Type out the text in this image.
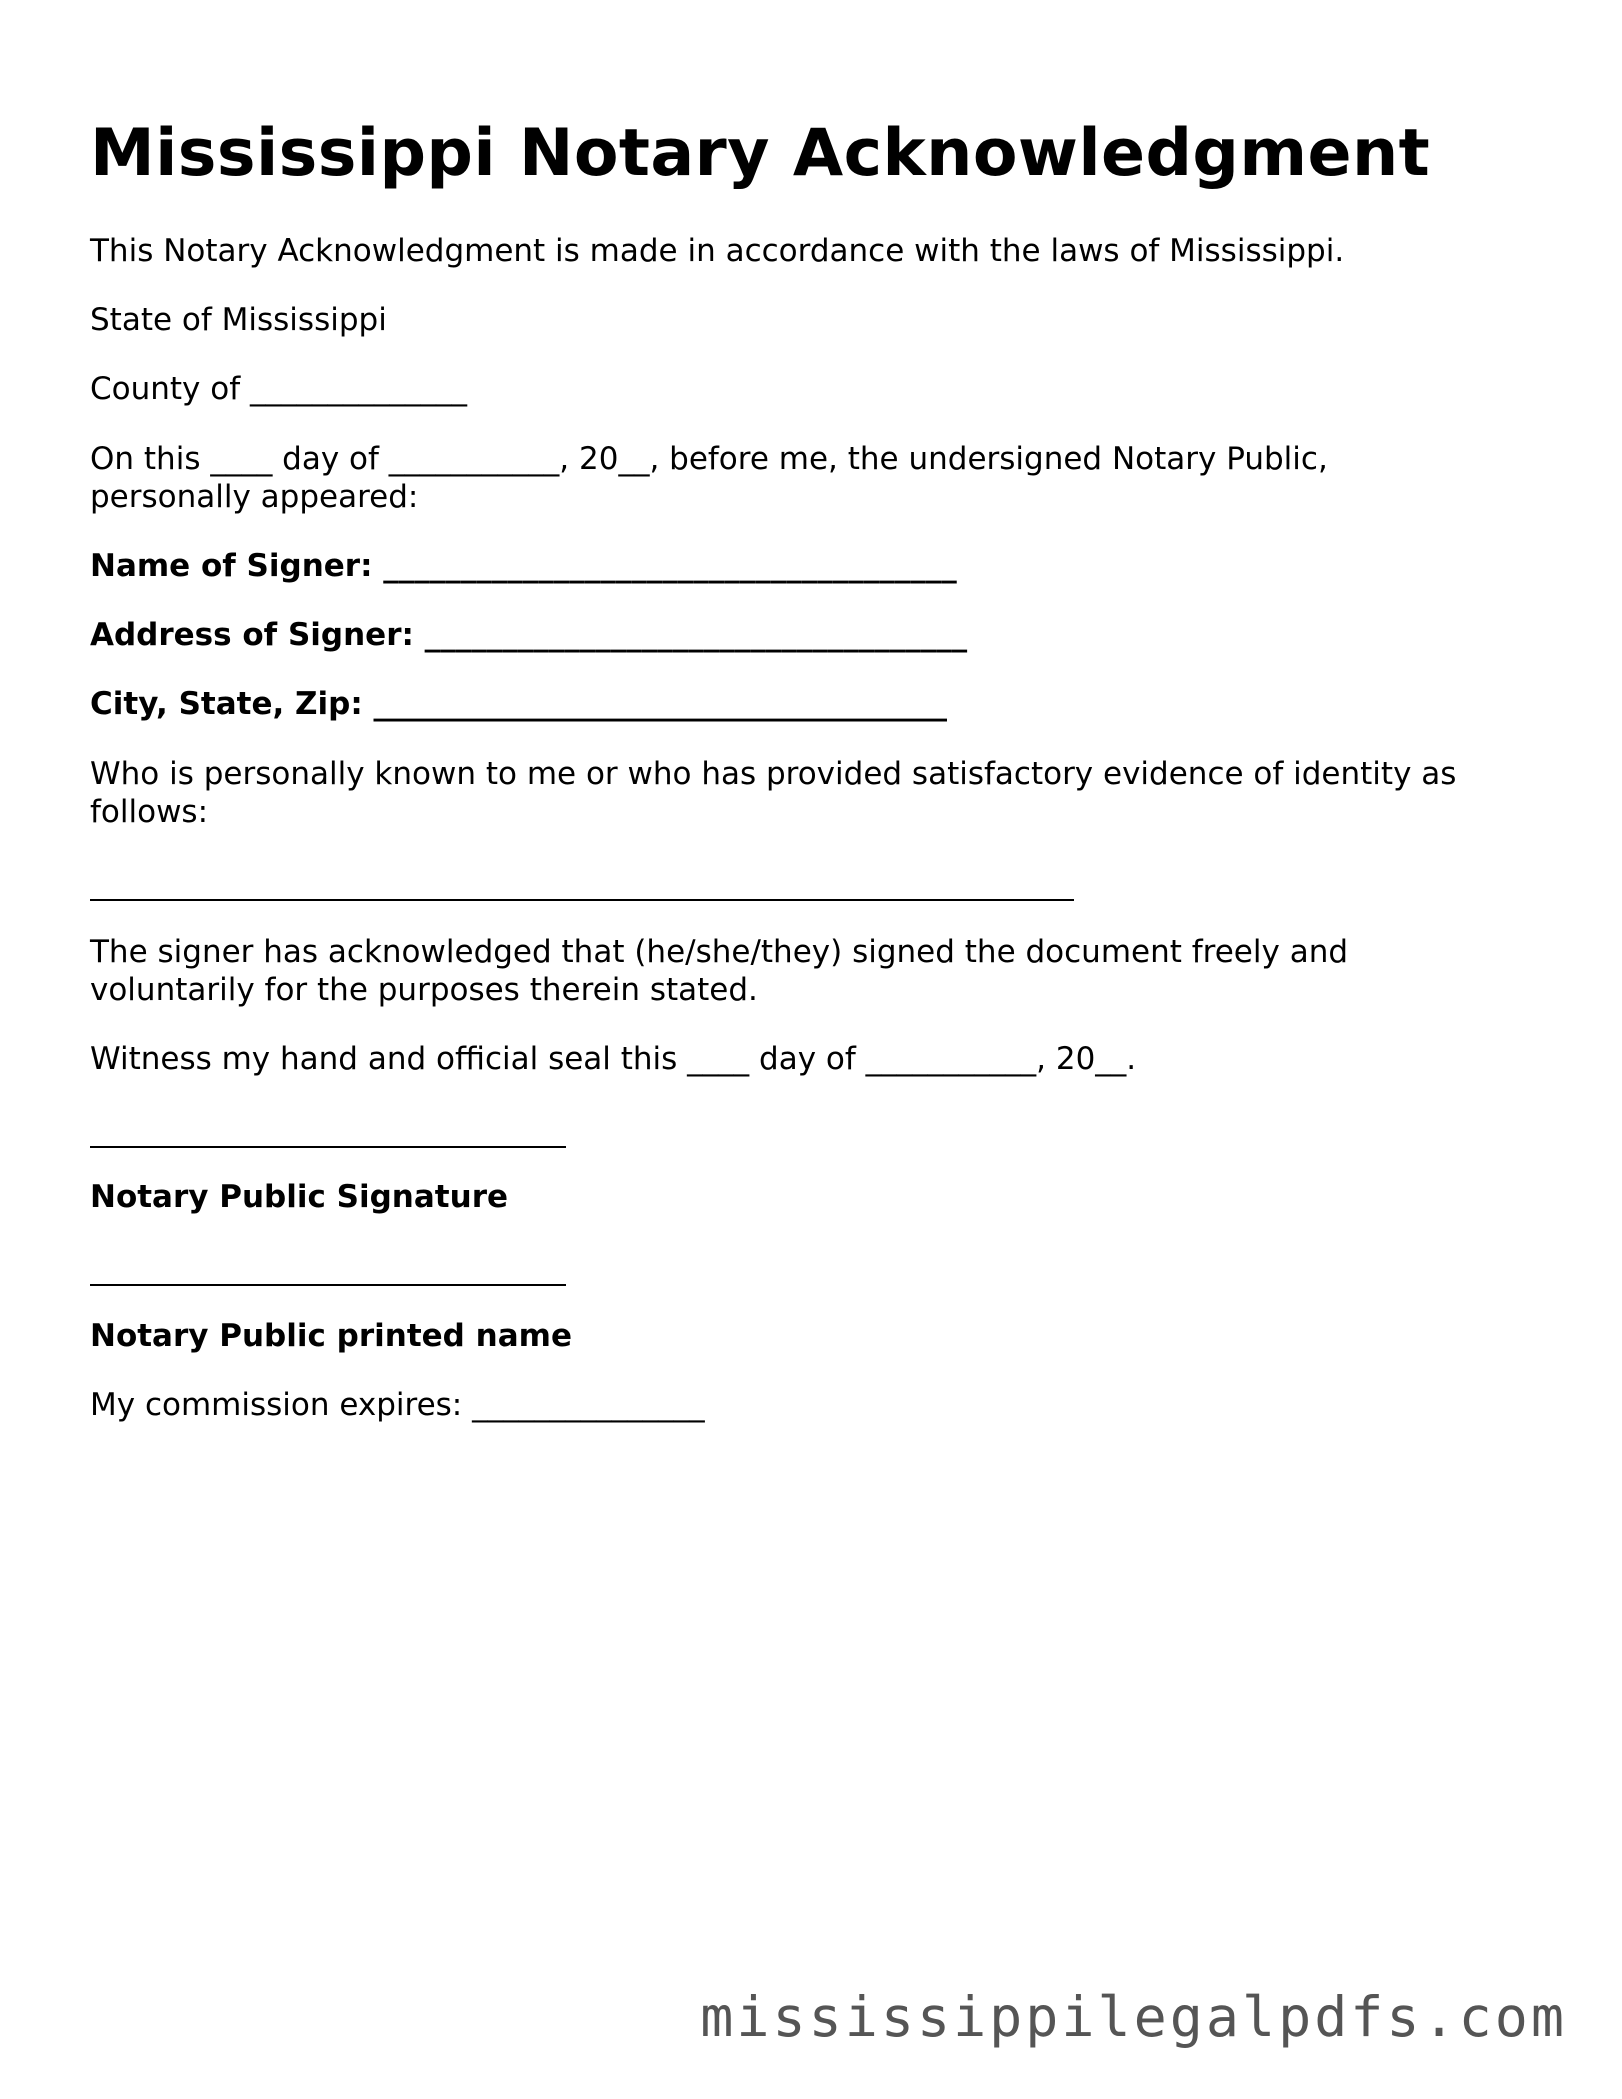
Mississippi Notary Acknowledgment

This Notary Acknowledgment is made in accordance with the laws of Mississippi.

State of Mississippi

County of ______________

On this ____ day of ___________, 20__, before me, the undersigned Notary Public,

personally appeared:

Name of Signer: _____________________________________

Address of Signer: ___________________________________

City, State, Zip: _____________________________________

Who is personally known to me or who has provided satisfactory evidence of identity as

follows:

The signer has acknowledged that (he/she/they) signed the document freely and

voluntarily for the purposes therein stated.

Witness my hand and official seal this ____ day of ___________, 20__.

Notary Public Signature

Notary Public printed name

My commission expires: _______________

mississippilegalpdfs.com
